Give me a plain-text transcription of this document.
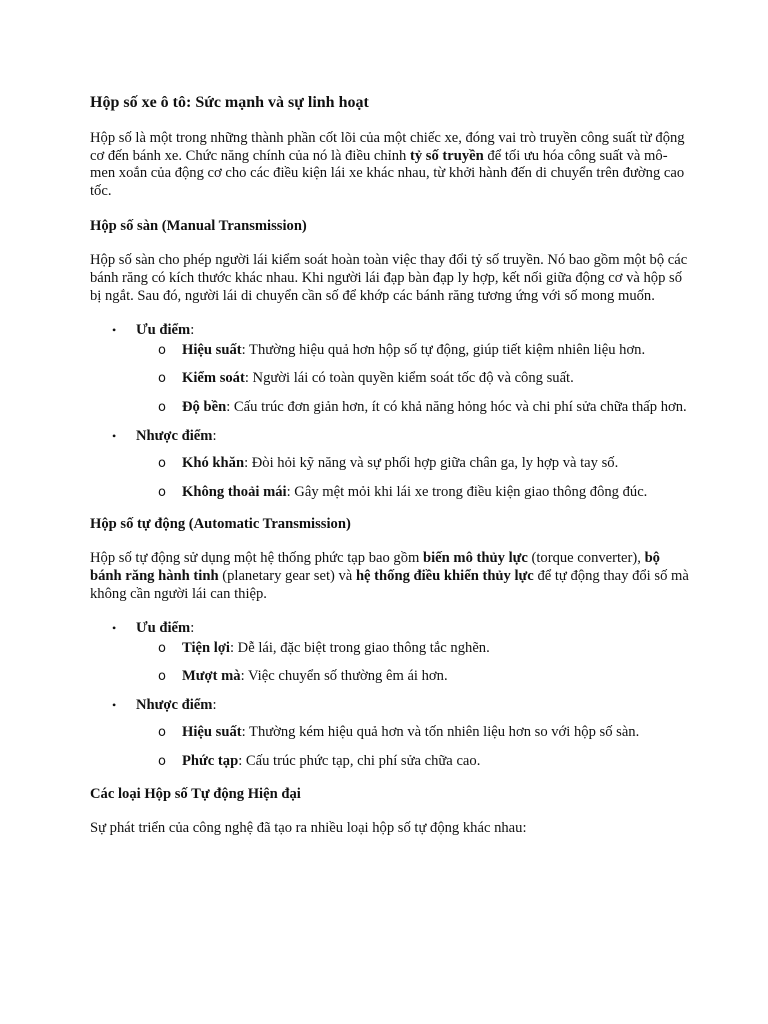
Hộp số xe ô tô: Sức mạnh và sự linh hoạt

Hộp số là một trong những thành phần cốt lõi của một chiếc xe, đóng vai trò truyền công suất từ động cơ đến bánh xe. Chức năng chính của nó là điều chỉnh tỷ số truyền để tối ưu hóa công suất và mô-men xoắn của động cơ cho các điều kiện lái xe khác nhau, từ khởi hành đến di chuyển trên đường cao tốc.

Hộp số sàn (Manual Transmission)

Hộp số sàn cho phép người lái kiểm soát hoàn toàn việc thay đổi tỷ số truyền. Nó bao gồm một bộ các bánh răng có kích thước khác nhau. Khi người lái đạp bàn đạp ly hợp, kết nối giữa động cơ và hộp số bị ngắt. Sau đó, người lái di chuyển cần số để khớp các bánh răng tương ứng với số mong muốn.

•	Ưu điểm:
o Hiệu suất: Thường hiệu quả hơn hộp số tự động, giúp tiết kiệm nhiên liệu hơn.
o Kiểm soát: Người lái có toàn quyền kiểm soát tốc độ và công suất.
o Độ bền: Cấu trúc đơn giản hơn, ít có khả năng hỏng hóc và chi phí sửa chữa thấp hơn.
•	Nhược điểm:
o Khó khăn: Đòi hỏi kỹ năng và sự phối hợp giữa chân ga, ly hợp và tay số.
o Không thoải mái: Gây mệt mỏi khi lái xe trong điều kiện giao thông đông đúc.
Hộp số tự động (Automatic Transmission)

Hộp số tự động sử dụng một hệ thống phức tạp bao gồm biến mô thủy lực (torque converter), bộ bánh răng hành tinh (planetary gear set) và hệ thống điều khiển thủy lực để tự động thay đổi số mà không cần người lái can thiệp.

•	Ưu điểm:
o Tiện lợi: Dễ lái, đặc biệt trong giao thông tắc nghẽn.
o Mượt mà: Việc chuyển số thường êm ái hơn.
•	Nhược điểm:
o Hiệu suất: Thường kém hiệu quả hơn và tốn nhiên liệu hơn so với hộp số sàn.
o Phức tạp: Cấu trúc phức tạp, chi phí sửa chữa cao.
Các loại Hộp số Tự động Hiện đại

Sự phát triển của công nghệ đã tạo ra nhiều loại hộp số tự động khác nhau:
